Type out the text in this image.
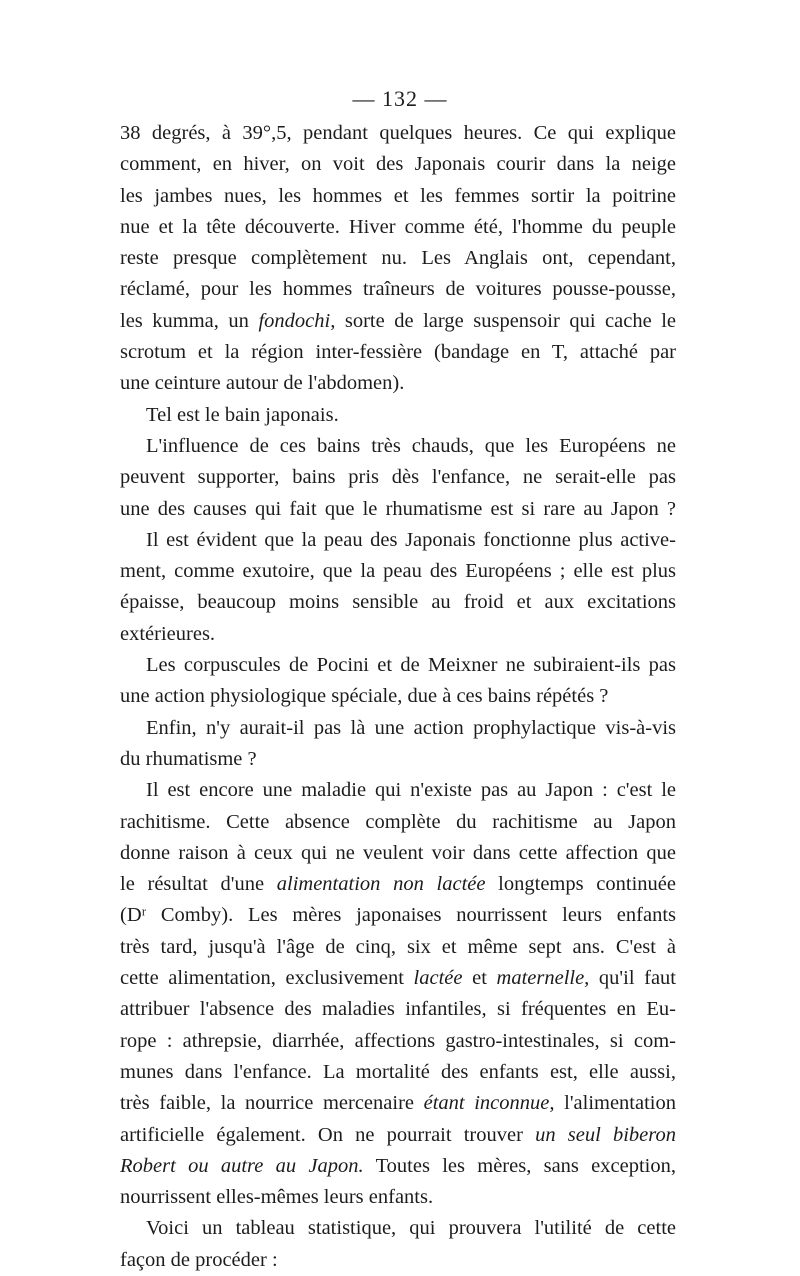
— 132 —
38 degrés, à 39°,5, pendant quelques heures. Ce qui explique
comment, en hiver, on voit des Japonais courir dans la neige
les jambes nues, les hommes et les femmes sortir la poitrine
nue et la tête découverte. Hiver comme été, l'homme du peuple
reste presque complètement nu. Les Anglais ont, cependant,
réclamé, pour les hommes traîneurs de voitures pousse-pousse,
les kumma, un fondochi, sorte de large suspensoir qui cache le
scrotum et la région inter-fessière (bandage en T, attaché par
une ceinture autour de l'abdomen).
Tel est le bain japonais.
L'influence de ces bains très chauds, que les Européens ne
peuvent supporter, bains pris dès l'enfance, ne serait-elle pas
une des causes qui fait que le rhumatisme est si rare au Japon ?
Il est évident que la peau des Japonais fonctionne plus active-
ment, comme exutoire, que la peau des Européens ; elle est plus
épaisse, beaucoup moins sensible au froid et aux excitations
extérieures.
Les corpuscules de Pocini et de Meixner ne subiraient-ils pas
une action physiologique spéciale, due à ces bains répétés ?
Enfin, n'y aurait-il pas là une action prophylactique vis-à-vis
du rhumatisme ?
Il est encore une maladie qui n'existe pas au Japon : c'est le
rachitisme. Cette absence complète du rachitisme au Japon
donne raison à ceux qui ne veulent voir dans cette affection que
le résultat d'une alimentation non lactée longtemps continuée
(Dʳ Comby). Les mères japonaises nourrissent leurs enfants
très tard, jusqu'à l'âge de cinq, six et même sept ans. C'est à
cette alimentation, exclusivement lactée et maternelle, qu'il faut
attribuer l'absence des maladies infantiles, si fréquentes en Eu-
rope : athrepsie, diarrhée, affections gastro-intestinales, si com-
munes dans l'enfance. La mortalité des enfants est, elle aussi,
très faible, la nourrice mercenaire étant inconnue, l'alimentation
artificielle également. On ne pourrait trouver un seul biberon
Robert ou autre au Japon. Toutes les mères, sans exception,
nourrissent elles-mêmes leurs enfants.
Voici un tableau statistique, qui prouvera l'utilité de cette
façon de procéder :
